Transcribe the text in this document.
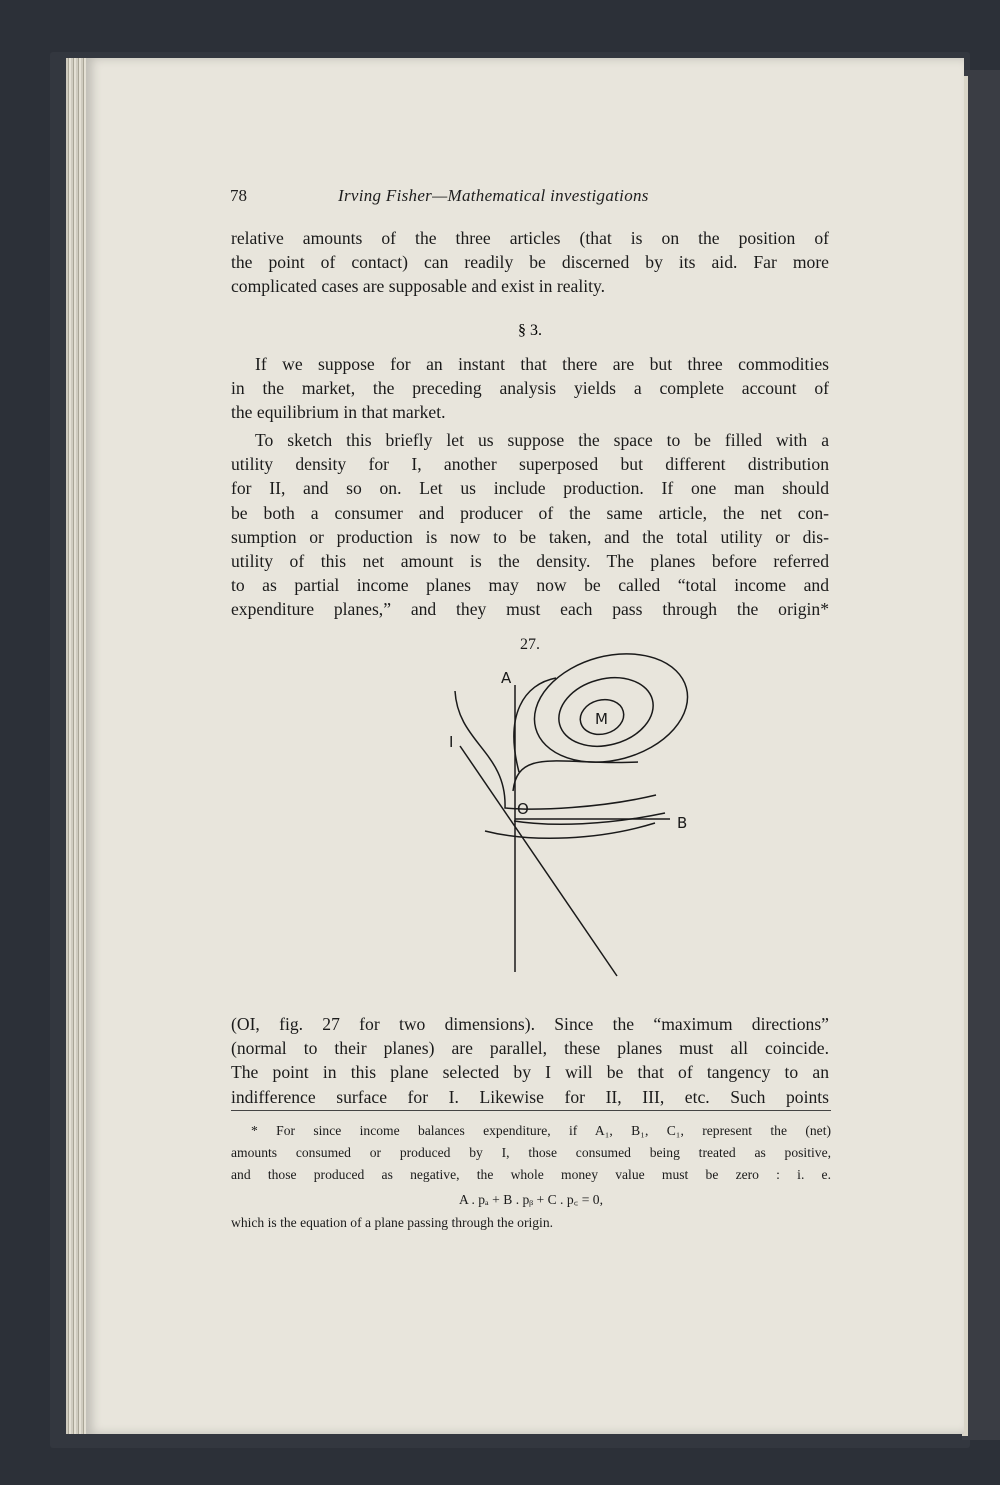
78	Irving Fisher—Mathematical investigations
relative amounts of the three articles (that is on the position of
the point of contact) can readily be discerned by its aid. Far more
complicated cases are supposable and exist in reality.
§ 3.
If we suppose for an instant that there are but three commodities
in the market, the preceding analysis yields a complete account of
the equilibrium in that market.
To sketch this briefly let us suppose the space to be filled with a
utility density for I, another superposed but different distribution
for II, and so on. Let us include production. If one man should
be both a consumer and producer of the same article, the net con-
sumption or production is now to be taken, and the total utility or dis-
utility of this net amount is the density. The planes before referred
to as partial income planes may now be called “total income and
expenditure planes,” and they must each pass through the origin*
27.
A
M
I
O
B
(OI, fig. 27 for two dimensions). Since the “maximum directions”
(normal to their planes) are parallel, these planes must all coincide.
The point in this plane selected by I will be that of tangency to an
indifference surface for I. Likewise for II, III, etc. Such points
* For since income balances expenditure, if A₁, B₁, C₁, represent the (net)
amounts consumed or produced by I, those consumed being treated as positive,
and those produced as negative, the whole money value must be zero : i. e.
A . pₐ + B . pᵦ + C . p꜀ = 0,
which is the equation of a plane passing through the origin.
